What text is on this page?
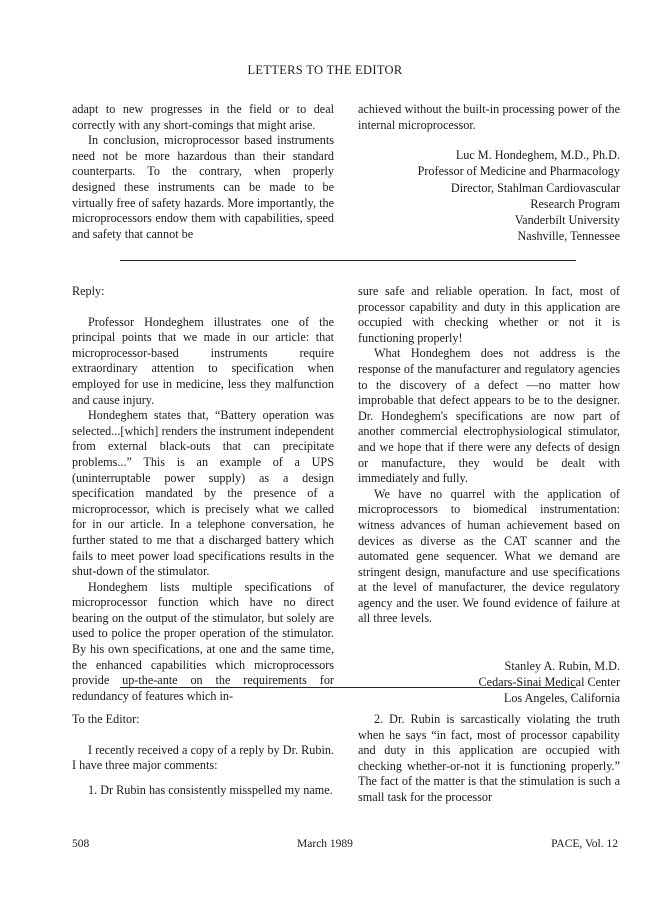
LETTERS TO THE EDITOR

adapt to new progresses in the field or to deal correctly with any short-comings that might arise.

In conclusion, microprocessor based instruments need not be more hazardous than their standard counterparts. To the contrary, when properly designed these instruments can be made to be virtually free of safety hazards. More importantly, the microprocessors endow them with capabilities, speed and safety that cannot be

achieved without the built-in processing power of the internal microprocessor.

Luc M. Hondeghem, M.D., Ph.D.
Professor of Medicine and Pharmacology
Director, Stahlman Cardiovascular
Research Program
Vanderbilt University
Nashville, Tennessee

Reply:

Professor Hondeghem illustrates one of the principal points that we made in our article: that microprocessor-based instruments require extraordinary attention to specification when employed for use in medicine, less they malfunction and cause injury.

Hondeghem states that, “Battery operation was selected...[which] renders the instrument independent from external black-outs that can precipitate problems...” This is an example of a UPS (uninterruptable power supply) as a design specification mandated by the presence of a microprocessor, which is precisely what we called for in our article. In a telephone conversation, he further stated to me that a discharged battery which fails to meet power load specifications results in the shut-down of the stimulator.

Hondeghem lists multiple specifications of microprocessor function which have no direct bearing on the output of the stimulator, but solely are used to police the proper operation of the stimulator. By his own specifications, at one and the same time, the enhanced capabilities which microprocessors provide up-the-ante on the requirements for redundancy of features which in-

sure safe and reliable operation. In fact, most of processor capability and duty in this application are occupied with checking whether or not it is functioning properly!

What Hondeghem does not address is the response of the manufacturer and regulatory agencies to the discovery of a defect —no matter how improbable that defect appears to be to the designer. Dr. Hondeghem's specifications are now part of another commercial electrophysiological stimulator, and we hope that if there were any defects of design or manufacture, they would be dealt with immediately and fully.

We have no quarrel with the application of microprocessors to biomedical instrumentation: witness advances of human achievement based on devices as diverse as the CAT scanner and the automated gene sequencer. What we demand are stringent design, manufacture and use specifications at the level of manufacturer, the device regulatory agency and the user. We found evidence of failure at all three levels.

Stanley A. Rubin, M.D.
Cedars-Sinai Medical Center
Los Angeles, California

To the Editor:

I recently received a copy of a reply by Dr. Rubin. I have three major comments:

1. Dr Rubin has consistently misspelled my name.

2. Dr. Rubin is sarcastically violating the truth when he says “in fact, most of processor capability and duty in this application are occupied with checking whether-or-not it is functioning properly.” The fact of the matter is that the stimulation is such a small task for the processor

508	March 1989	PACE, Vol. 12
